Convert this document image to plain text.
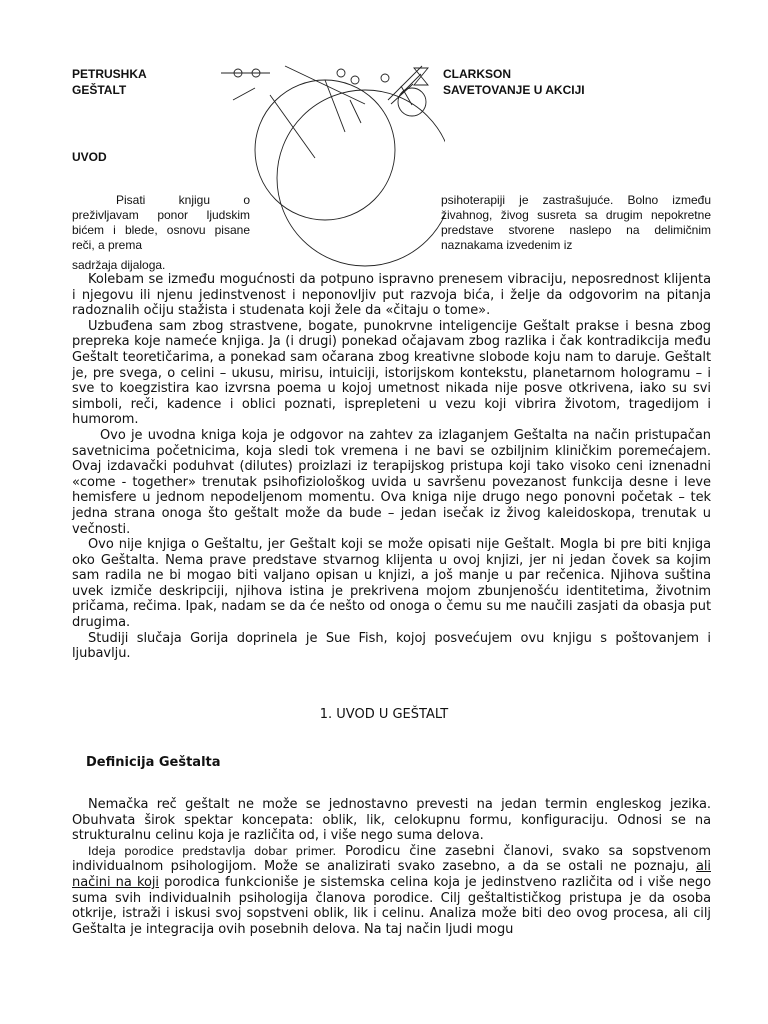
PETRUSHKA
GEŠTALT
CLARKSON
SAVETOVANJE U AKCIJI
UVOD
Pisati knjigu o preživljavam ponor ljudskim bićem i blede, osnovu pisane reči, a prema
psihoterapiji je zastrašujuće. Bolno između živahnog, živog susreta sa drugim nepokretne predstave stvorene naslepo na delimičnim naznakama izvedenim iz
sadržaja dijaloga.

Kolebam se između mogućnosti da potpuno ispravno prenesem vibraciju, neposrednost klijenta i njegovu ili njenu jedinstvenost i neponovljiv put razvoja bića, i želje da odgovorim na pitanja radoznalih očiju stažista i studenata koji žele da «čitaju o tome».

Uzbuđena sam zbog strastvene, bogate, punokrvne inteligencije Geštalt prakse i besna zbog prepreka koje nameće knjiga. Ja (i drugi) ponekad očajavam zbog razlika i čak kontradikcija među Geštalt teoretičarima, a ponekad sam očarana zbog kreativne slobode koju nam to daruje. Geštalt je, pre svega, o celini – ukusu, mirisu, intuiciji, istorijskom kontekstu, planetarnom hologramu – i sve to koegzistira kao izvrsna poema u kojoj umetnost nikada nije posve otkrivena, iako su svi simboli, reči, kadence i oblici poznati, isprepleteni u vezu koji vibrira životom, tragedijom i humorom.

Ovo je uvodna kniga koja je odgovor na zahtev za izlaganjem Geštalta na način pristupačan savetnicima početnicima, koja sledi tok vremena i ne bavi se ozbiljnim kliničkim poremećajem. Ovaj izdavački poduhvat (dilutes) proizlazi iz terapijskog pristupa koji tako visoko ceni iznenadni «come - together» trenutak psihofiziološkog uvida u savršenu povezanost funkcija desne i leve hemisfere u jednom nepodeljenom momentu. Ova kniga nije drugo nego ponovni početak – tek jedna strana onoga što geštalt može da bude – jedan isečak iz živog kaleidoskopa, trenutak u večnosti.

Ovo nije knjiga o Geštaltu, jer Geštalt koji se može opisati nije Geštalt. Mogla bi pre biti knjiga oko Geštalta. Nema prave predstave stvarnog klijenta u ovoj knjizi, jer ni jedan čovek sa kojim sam radila ne bi mogao biti valjano opisan u knjizi, a još manje u par rečenica. Njihova suština uvek izmiče deskripciji, njihova istina je prekrivena mojom zbunjenošću identitetima, životnim pričama, rečima. Ipak, nadam se da će nešto od onoga o čemu su me naučili zasjati da obasja put drugima.

Studiji slučaja Gorija doprinela je Sue Fish, kojoj posvećujem ovu knjigu s poštovanjem i ljubavlju.

1. UVOD U GEŠTALT
Definicija Geštalta

Nemačka reč geštalt ne može se jednostavno prevesti na jedan termin engleskog jezika. Obuhvata širok spektar koncepata: oblik, lik, celokupnu formu, konfiguraciju. Odnosi se na strukturalnu celinu koja je različita od, i više nego suma delova.

Ideja porodice predstavlja dobar primer. Porodicu čine zasebni članovi, svako sa sopstvenom individualnom psihologijom. Može se analizirati svako zasebno, a da se ostali ne poznaju, ali načini na koji porodica funkcioniše je sistemska celina koja je jedinstveno različita od i više nego suma svih individualnih psihologija članova porodice. Cilj geštaltističkog pristupa je da osoba otkrije, istraži i iskusi svoj sopstveni oblik, lik i celinu. Analiza može biti deo ovog procesa, ali cilj Geštalta je integracija ovih posebnih delova. Na taj način ljudi mogu
